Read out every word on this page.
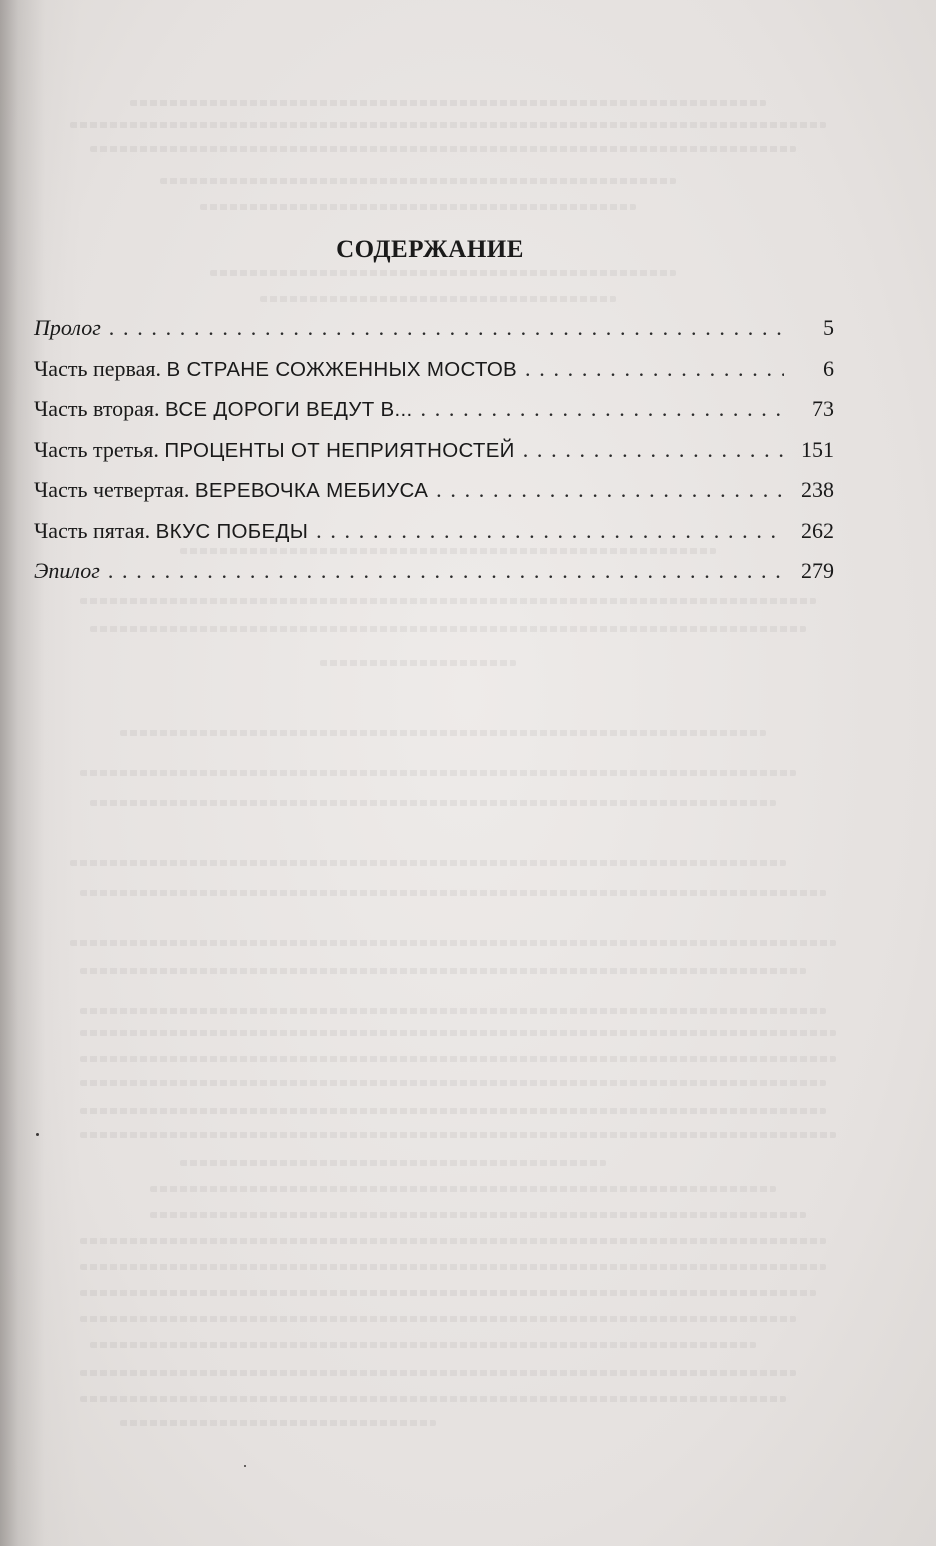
СОДЕРЖАНИЕ
Пролог . . .	5
Часть первая. В СТРАНЕ СОЖЖЕННЫХ МОСТОВ . . .	6
Часть вторая. ВСЕ ДОРОГИ ВЕДУТ В... . . .	73
Часть третья. ПРОЦЕНТЫ ОТ НЕПРИЯТНОСТЕЙ . . .	151
Часть четвертая. ВЕРЕВОЧКА МЕБИУСА . . .	238
Часть пятая. ВКУС ПОБЕДЫ . . .	262
Эпилог . . .	279
